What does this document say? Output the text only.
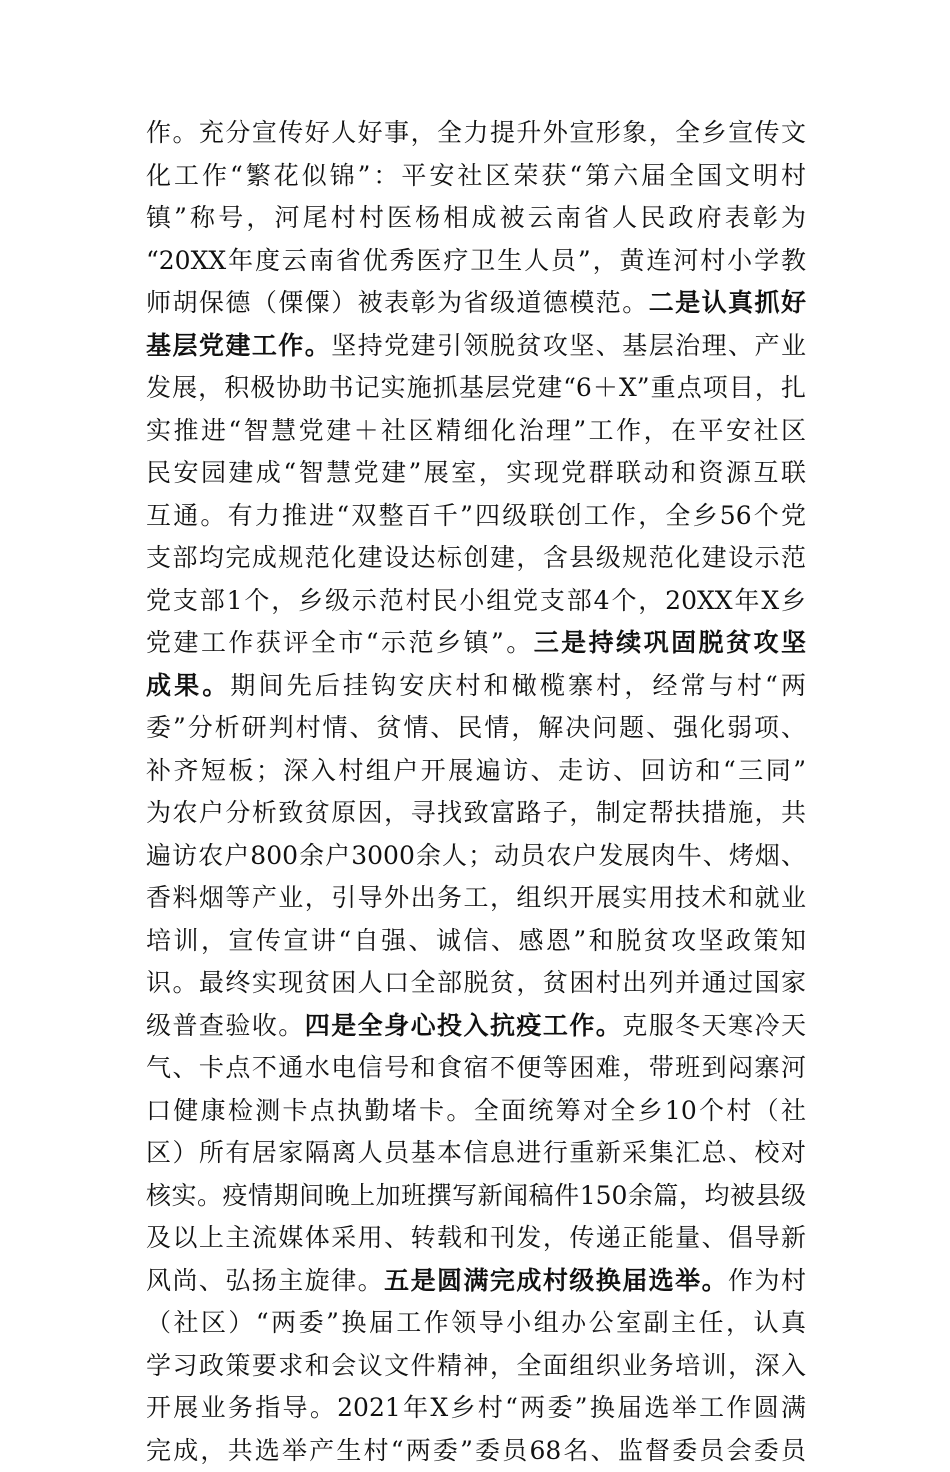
作。充分宣传好人好事，全力提升外宣形象，全乡宣传文
化工作“繁花似锦”：平安社区荣获“第六届全国文明村
镇”称号，河尾村村医杨相成被云南省人民政府表彰为
“20XX年度云南省优秀医疗卫生人员”，黄连河村小学教
师胡保德（傈僳）被表彰为省级道德模范。二是认真抓好
基层党建工作。坚持党建引领脱贫攻坚、基层治理、产业
发展，积极协助书记实施抓基层党建“6＋X”重点项目，扎
实推进“智慧党建＋社区精细化治理”工作，在平安社区
民安园建成“智慧党建”展室，实现党群联动和资源互联
互通。有力推进“双整百千”四级联创工作，全乡56个党
支部均完成规范化建设达标创建，含县级规范化建设示范
党支部1个，乡级示范村民小组党支部4个，20XX年X乡
党建工作获评全市“示范乡镇”。三是持续巩固脱贫攻坚
成果。期间先后挂钩安庆村和橄榄寨村，经常与村“两
委”分析研判村情、贫情、民情，解决问题、强化弱项、
补齐短板；深入村组户开展遍访、走访、回访和“三同”
为农户分析致贫原因，寻找致富路子，制定帮扶措施，共
遍访农户800余户3000余人；动员农户发展肉牛、烤烟、
香料烟等产业，引导外出务工，组织开展实用技术和就业
培训，宣传宣讲“自强、诚信、感恩”和脱贫攻坚政策知
识。最终实现贫困人口全部脱贫，贫困村出列并通过国家
级普查验收。四是全身心投入抗疫工作。克服冬天寒冷天
气、卡点不通水电信号和食宿不便等困难，带班到闷寨河
口健康检测卡点执勤堵卡。全面统筹对全乡10个村（社
区）所有居家隔离人员基本信息进行重新采集汇总、校对
核实。疫情期间晚上加班撰写新闻稿件150余篇，均被县级
及以上主流媒体采用、转载和刊发，传递正能量、倡导新
风尚、弘扬主旋律。五是圆满完成村级换届选举。作为村
（社区）“两委”换届工作领导小组办公室副主任，认真
学习政策要求和会议文件精神，全面组织业务培训，深入
开展业务指导。2021年X乡村“两委”换届选举工作圆满
完成，共选举产生村“两委”委员68名、监督委员会委员
